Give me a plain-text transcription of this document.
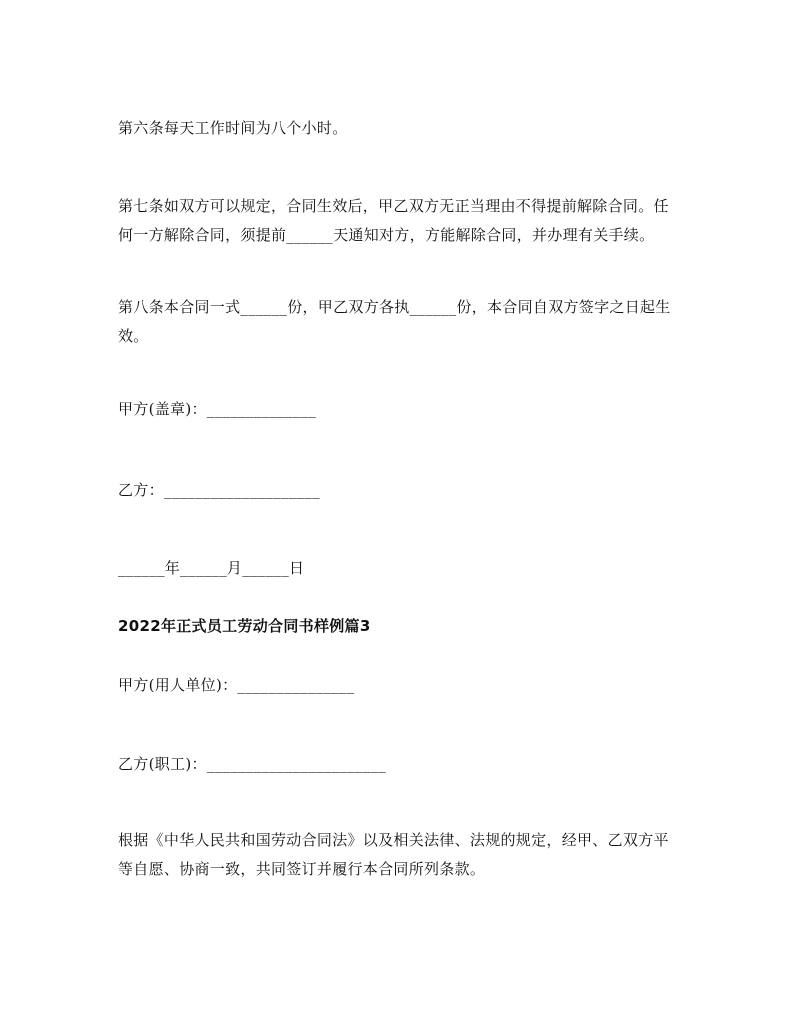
第六条每天工作时间为八个小时。

第七条如双方可以规定，合同生效后，甲乙双方无正当理由不得提前解除合同。任何一方解除合同，须提前______天通知对方，方能解除合同，并办理有关手续。

第八条本合同一式______份，甲乙双方各执______份，本合同自双方签字之日起生效。

甲方(盖章)：______________

乙方：____________________

______年______月______日

2022年正式员工劳动合同书样例篇3

甲方(用人单位)：_______________

乙方(职工)：_______________________

根据《中华人民共和国劳动合同法》以及相关法律、法规的规定，经甲、乙双方平等自愿、协商一致，共同签订并履行本合同所列条款。
